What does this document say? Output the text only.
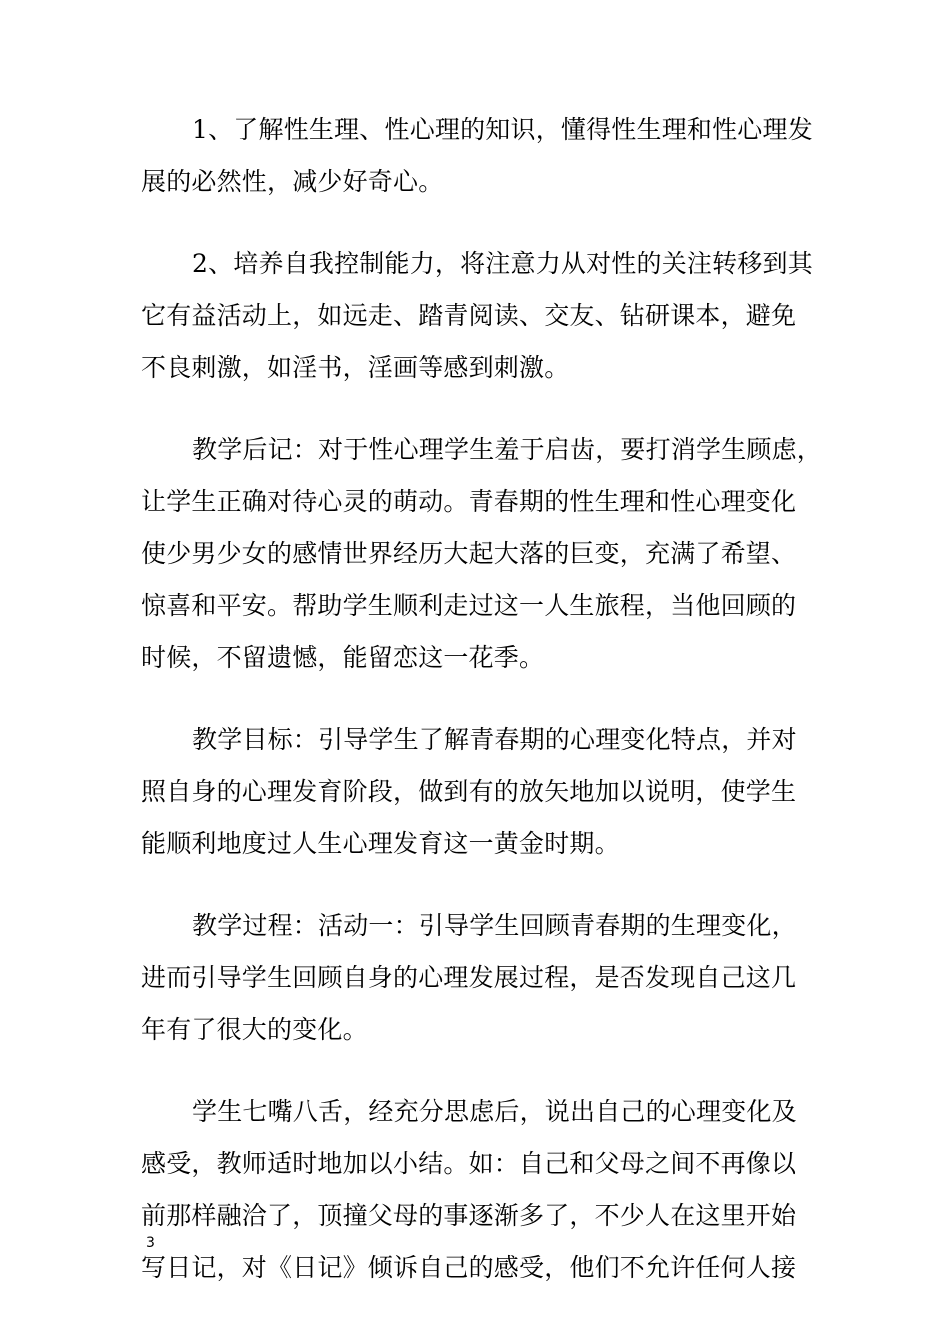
1、了解性生理、性心理的知识，懂得性生理和性心理发
展的必然性，减少好奇心。
2、培养自我控制能力，将注意力从对性的关注转移到其
它有益活动上，如远走、踏青阅读、交友、钻研课本，避免
不良刺激，如淫书，淫画等感到刺激。
教学后记：对于性心理学生羞于启齿，要打消学生顾虑，
让学生正确对待心灵的萌动。青春期的性生理和性心理变化
使少男少女的感情世界经历大起大落的巨变，充满了希望、
惊喜和平安。帮助学生顺利走过这一人生旅程，当他回顾的
时候，不留遗憾，能留恋这一花季。
教学目标：引导学生了解青春期的心理变化特点，并对
照自身的心理发育阶段，做到有的放矢地加以说明，使学生
能顺利地度过人生心理发育这一黄金时期。
教学过程：活动一：引导学生回顾青春期的生理变化，
进而引导学生回顾自身的心理发展过程，是否发现自己这几
年有了很大的变化。
学生七嘴八舌，经充分思虑后，说出自己的心理变化及
感受，教师适时地加以小结。如：自己和父母之间不再像以
前那样融洽了，顶撞父母的事逐渐多了，不少人在这里开始
写日记，对《日记》倾诉自己的感受，他们不允许任何人接
3
